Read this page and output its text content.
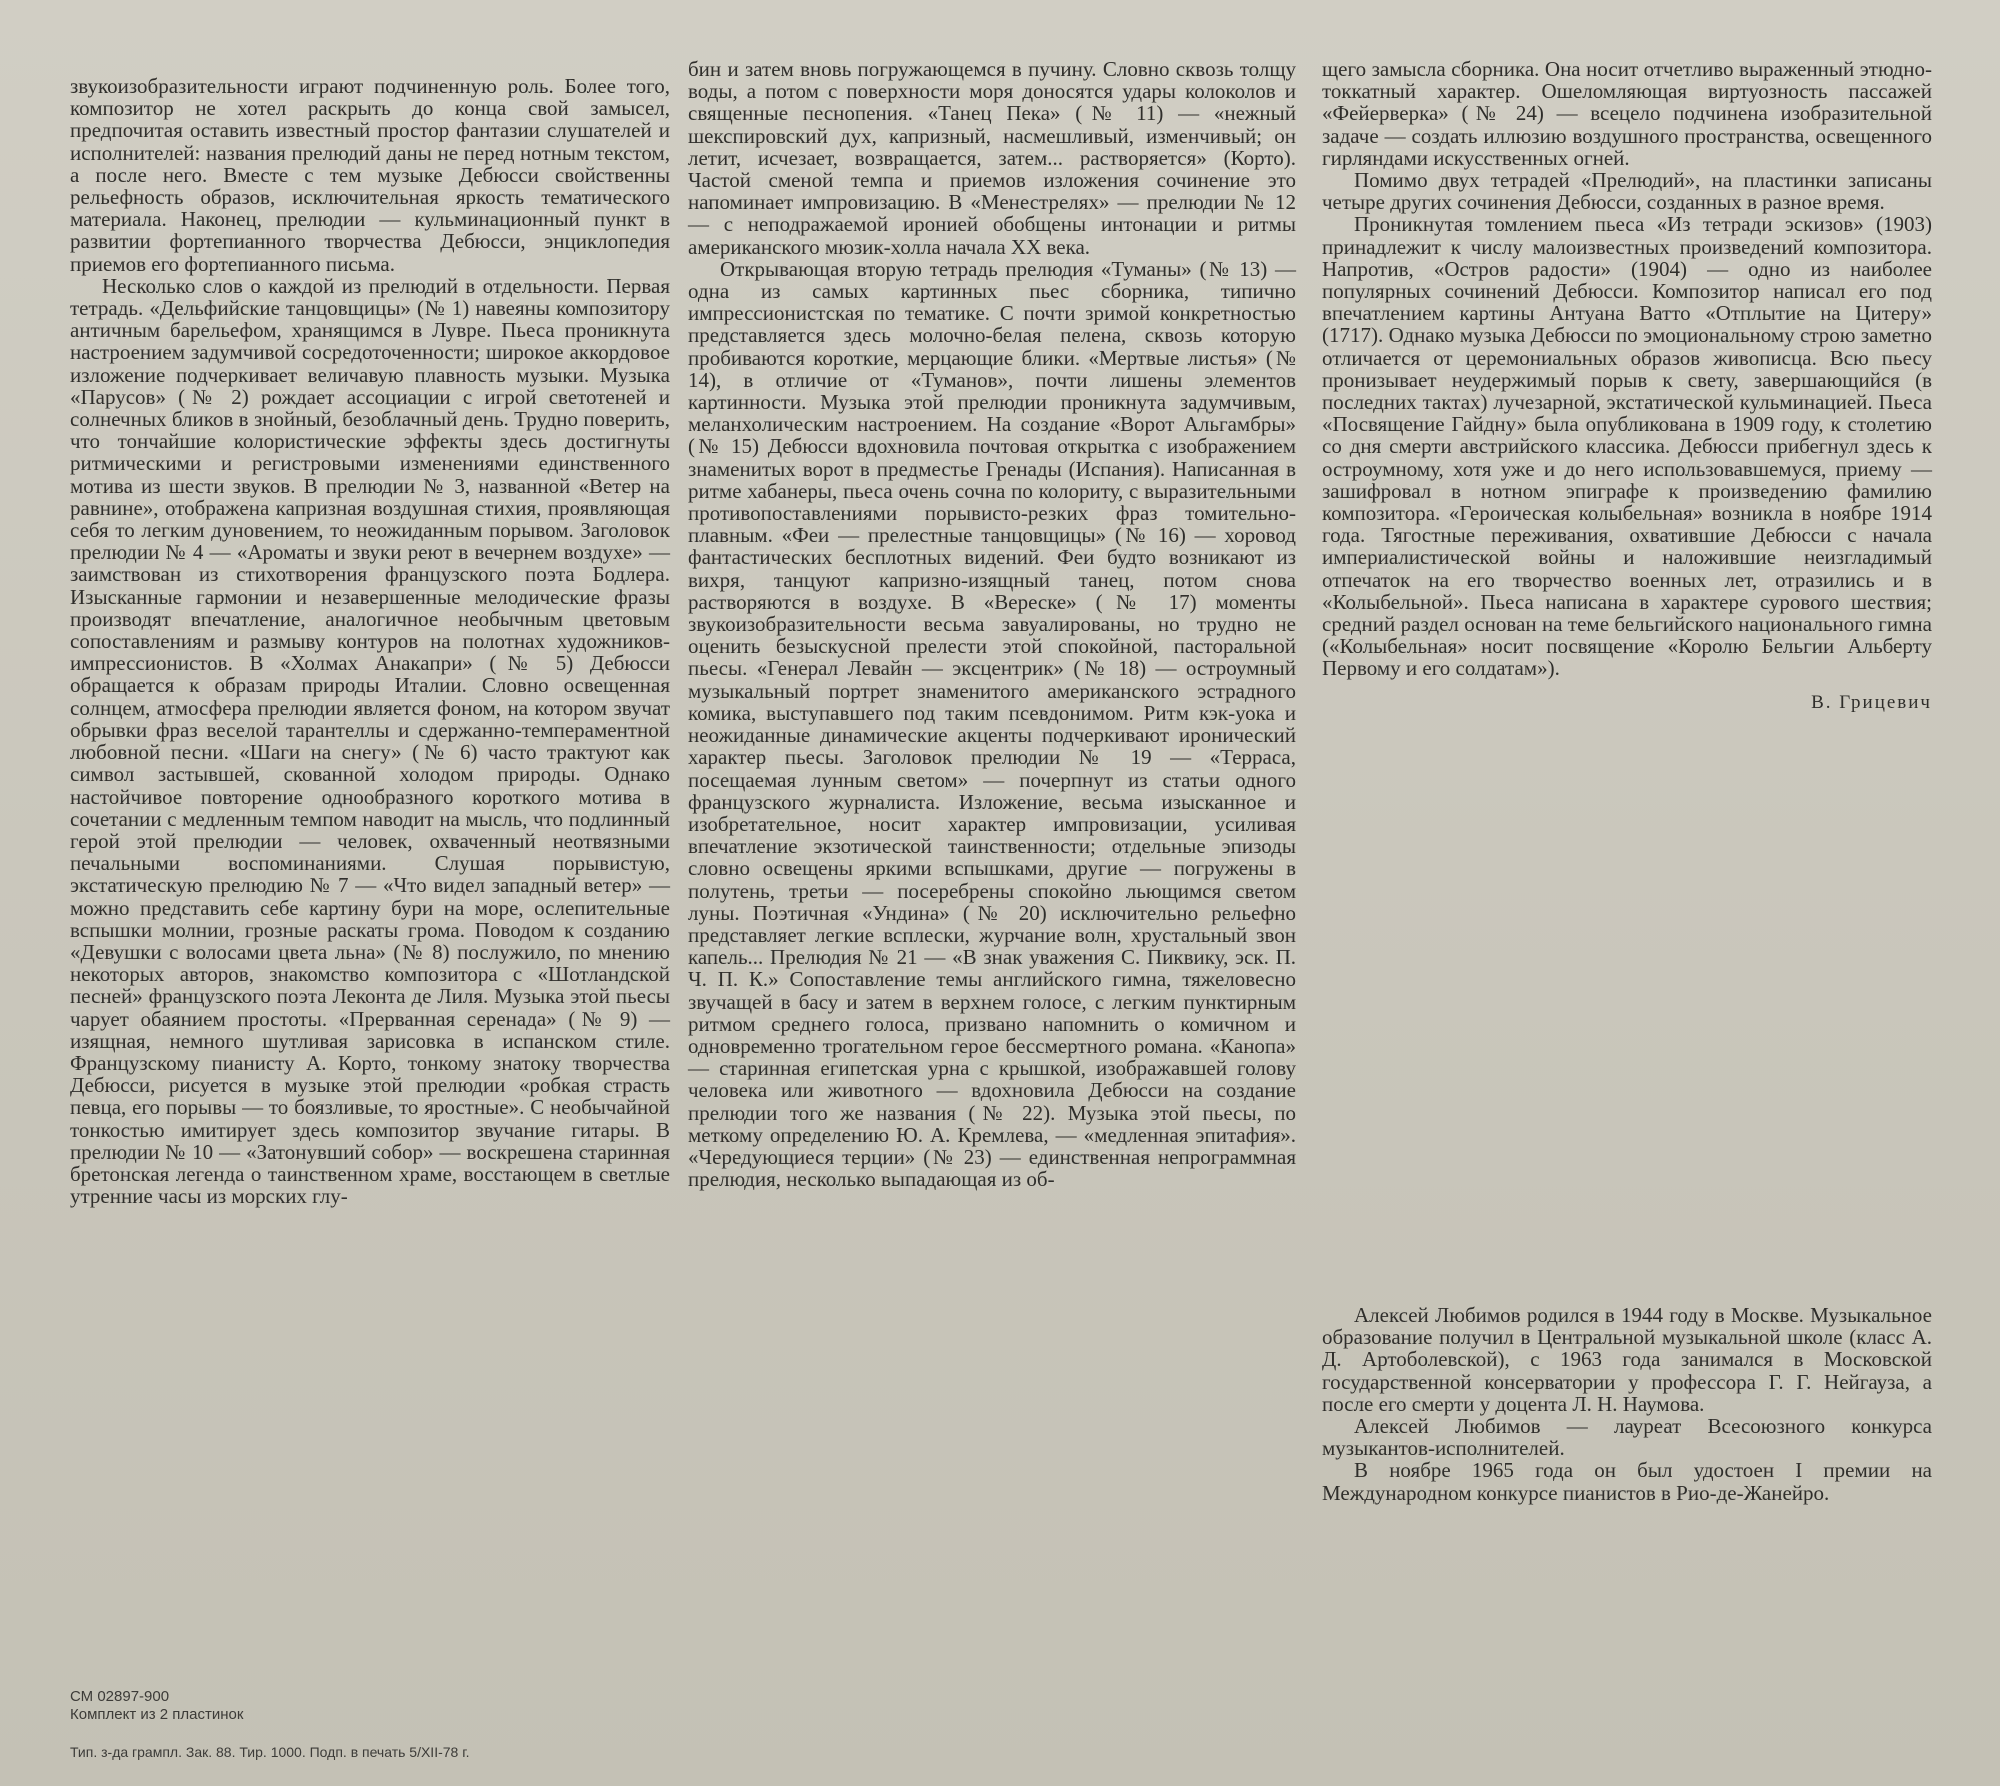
звукоизобразительности играют подчиненную роль. Более того, композитор не хотел раскрыть до конца свой замысел, предпочитая оставить известный простор фантазии слушателей и исполнителей: названия прелюдий даны не перед нотным текстом, а после него. Вместе с тем музыке Дебюсси свойственны рельефность образов, исключительная яркость тематического материала. Наконец, прелюдии — кульминационный пункт в развитии фортепианного творчества Дебюсси, энциклопедия приемов его фортепианного письма.

Несколько слов о каждой из прелюдий в отдельности. Первая тетрадь. «Дельфийские танцовщицы» (№ 1) навеяны композитору античным барельефом, хранящимся в Лувре. Пьеса проникнута настроением задумчивой сосредоточенности; широкое аккордовое изложение подчеркивает величавую плавность музыки. Музыка «Парусов» (№ 2) рождает ассоциации с игрой светотеней и солнечных бликов в знойный, безоблачный день. Трудно поверить, что тончайшие колористические эффекты здесь достигнуты ритмическими и регистровыми изменениями единственного мотива из шести звуков. В прелюдии № 3, названной «Ветер на равнине», отображена капризная воздушная стихия, проявляющая себя то легким дуновением, то неожиданным порывом. Заголовок прелюдии № 4 — «Ароматы и звуки реют в вечернем воздухе» — заимствован из стихотворения французского поэта Бодлера. Изысканные гармонии и незавершенные мелодические фразы производят впечатление, аналогичное необычным цветовым сопоставлениям и размыву контуров на полотнах художников-импрессионистов. В «Холмах Анакапри» (№ 5) Дебюсси обращается к образам природы Италии. Словно освещенная солнцем, атмосфера прелюдии является фоном, на котором звучат обрывки фраз веселой тарантеллы и сдержанно-темпераментной любовной песни. «Шаги на снегу» (№ 6) часто трактуют как символ застывшей, скованной холодом природы. Однако настойчивое повторение однообразного короткого мотива в сочетании с медленным темпом наводит на мысль, что подлинный герой этой прелюдии — человек, охваченный неотвязными печальными воспоминаниями. Слушая порывистую, экстатическую прелюдию № 7 — «Что видел западный ветер» — можно представить себе картину бури на море, ослепительные вспышки молнии, грозные раскаты грома. Поводом к созданию «Девушки с волосами цвета льна» (№ 8) послужило, по мнению некоторых авторов, знакомство композитора с «Шотландской песней» французского поэта Леконта де Лиля. Музыка этой пьесы чарует обаянием простоты. «Прерванная серенада» (№ 9) — изящная, немного шутливая зарисовка в испанском стиле. Французскому пианисту А. Корто, тонкому знатоку творчества Дебюсси, рисуется в музыке этой прелюдии «робкая страсть певца, его порывы — то боязливые, то яростные». С необычайной тонкостью имитирует здесь композитор звучание гитары. В прелюдии № 10 — «Затонувший собор» — воскрешена старинная бретонская легенда о таинственном храме, восстающем в светлые утренние часы из морских глу-

бин и затем вновь погружающемся в пучину. Словно сквозь толщу воды, а потом с поверхности моря доносятся удары колоколов и священные песнопения. «Танец Пека» (№ 11) — «нежный шекспировский дух, капризный, насмешливый, изменчивый; он летит, исчезает, возвращается, затем... растворяется» (Корто). Частой сменой темпа и приемов изложения сочинение это напоминает импровизацию. В «Менестрелях» — прелюдии № 12 — с неподражаемой иронией обобщены интонации и ритмы американского мюзик-холла начала XX века.

Открывающая вторую тетрадь прелюдия «Туманы» (№ 13) — одна из самых картинных пьес сборника, типично импрессионистская по тематике. С почти зримой конкретностью представляется здесь молочно-белая пелена, сквозь которую пробиваются короткие, мерцающие блики. «Мертвые листья» (№ 14), в отличие от «Туманов», почти лишены элементов картинности. Музыка этой прелюдии проникнута задумчивым, меланхолическим настроением. На создание «Ворот Альгамбры» (№ 15) Дебюсси вдохновила почтовая открытка с изображением знаменитых ворот в предместье Гренады (Испания). Написанная в ритме хабанеры, пьеса очень сочна по колориту, с выразительными противопоставлениями порывисто-резких фраз томительно-плавным. «Феи — прелестные танцовщицы» (№ 16) — хоровод фантастических бесплотных видений. Феи будто возникают из вихря, танцуют капризно-изящный танец, потом снова растворяются в воздухе. В «Вереске» (№ 17) моменты звукоизобразительности весьма завуалированы, но трудно не оценить безыскусной прелести этой спокойной, пасторальной пьесы. «Генерал Левайн — эксцентрик» (№ 18) — остроумный музыкальный портрет знаменитого американского эстрадного комика, выступавшего под таким псевдонимом. Ритм кэк-уока и неожиданные динамические акценты подчеркивают иронический характер пьесы. Заголовок прелюдии № 19 — «Терраса, посещаемая лунным светом» — почерпнут из статьи одного французского журналиста. Изложение, весьма изысканное и изобретательное, носит характер импровизации, усиливая впечатление экзотической таинственности; отдельные эпизоды словно освещены яркими вспышками, другие — погружены в полутень, третьи — посеребрены спокойно льющимся светом луны. Поэтичная «Ундина» (№ 20) исключительно рельефно представляет легкие всплески, журчание волн, хрустальный звон капель... Прелюдия № 21 — «В знак уважения С. Пиквику, эск. П. Ч. П. К.» Сопоставление темы английского гимна, тяжеловесно звучащей в басу и затем в верхнем голосе, с легким пунктирным ритмом среднего голоса, призвано напомнить о комичном и одновременно трогательном герое бессмертного романа. «Канопа» — старинная египетская урна с крышкой, изображавшей голову человека или животного — вдохновила Дебюсси на создание прелюдии того же названия (№ 22). Музыка этой пьесы, по меткому определению Ю. А. Кремлева, — «медленная эпитафия». «Чередующиеся терции» (№ 23) — единственная непрограммная прелюдия, несколько выпадающая из об-

щего замысла сборника. Она носит отчетливо выраженный этюдно-токкатный характер. Ошеломляющая виртуозность пассажей «Фейерверка» (№ 24) — всецело подчинена изобразительной задаче — создать иллюзию воздушного пространства, освещенного гирляндами искусственных огней.

Помимо двух тетрадей «Прелюдий», на пластинки записаны четыре других сочинения Дебюсси, созданных в разное время.

Проникнутая томлением пьеса «Из тетради эскизов» (1903) принадлежит к числу малоизвестных произведений композитора. Напротив, «Остров радости» (1904) — одно из наиболее популярных сочинений Дебюсси. Композитор написал его под впечатлением картины Антуана Ватто «Отплытие на Цитеру» (1717). Однако музыка Дебюсси по эмоциональному строю заметно отличается от церемониальных образов живописца. Всю пьесу пронизывает неудержимый порыв к свету, завершающийся (в последних тактах) лучезарной, экстатической кульминацией. Пьеса «Посвящение Гайдну» была опубликована в 1909 году, к столетию со дня смерти австрийского классика. Дебюсси прибегнул здесь к остроумному, хотя уже и до него использовавшемуся, приему — зашифровал в нотном эпиграфе к произведению фамилию композитора. «Героическая колыбельная» возникла в ноябре 1914 года. Тягостные переживания, охватившие Дебюсси с начала империалистической войны и наложившие неизгладимый отпечаток на его творчество военных лет, отразились и в «Колыбельной». Пьеса написана в характере сурового шествия; средний раздел основан на теме бельгийского национального гимна («Колыбельная» носит посвящение «Королю Бельгии Альберту Первому и его солдатам»).

В. Грицевич

Алексей Любимов родился в 1944 году в Москве. Музыкальное образование получил в Центральной музыкальной школе (класс А. Д. Артоболевской), с 1963 года занимался в Московской государственной консерватории у профессора Г. Г. Нейгауза, а после его смерти у доцента Л. Н. Наумова.

Алексей Любимов — лауреат Всесоюзного конкурса музыкантов-исполнителей.

В ноябре 1965 года он был удостоен I премии на Международном конкурсе пианистов в Рио-де-Жанейро.

СМ 02897-900
Комплект из 2 пластинок
Тип. з-да грампл. Зак. 88. Тир. 1000. Подп. в печать 5/XII-78 г.
